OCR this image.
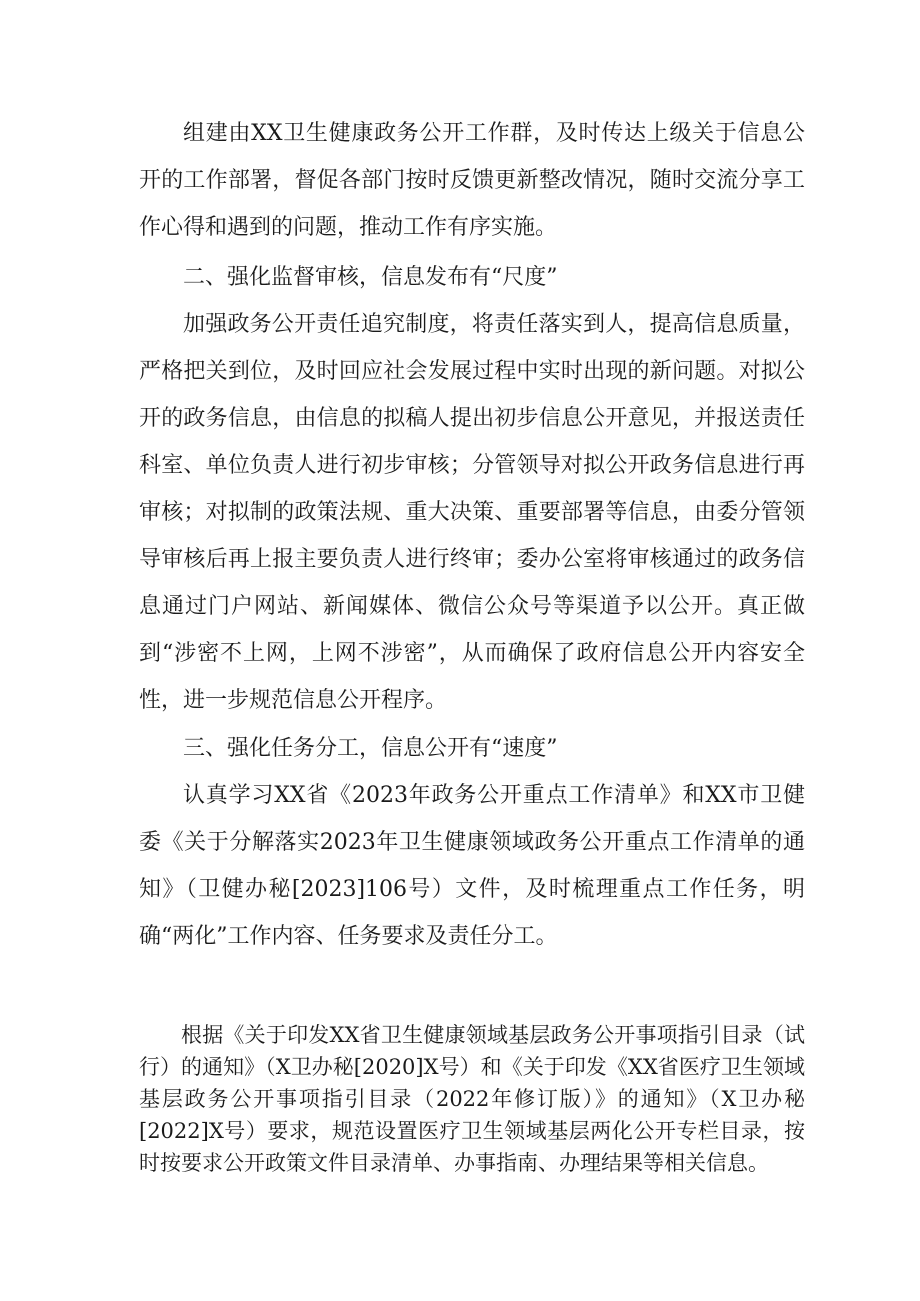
组建由XX卫生健康政务公开工作群，及时传达上级关于信息公开的工作部署，督促各部门按时反馈更新整改情况，随时交流分享工作心得和遇到的问题，推动工作有序实施。

二、强化监督审核，信息发布有“尺度”

加强政务公开责任追究制度，将责任落实到人，提高信息质量，严格把关到位，及时回应社会发展过程中实时出现的新问题。对拟公开的政务信息，由信息的拟稿人提出初步信息公开意见，并报送责任科室、单位负责人进行初步审核；分管领导对拟公开政务信息进行再审核；对拟制的政策法规、重大决策、重要部署等信息，由委分管领导审核后再上报主要负责人进行终审；委办公室将审核通过的政务信息通过门户网站、新闻媒体、微信公众号等渠道予以公开。真正做到“涉密不上网，上网不涉密”，从而确保了政府信息公开内容安全性，进一步规范信息公开程序。

三、强化任务分工，信息公开有“速度”

认真学习XX省《2023年政务公开重点工作清单》和XX市卫健委《关于分解落实2023年卫生健康领域政务公开重点工作清单的通知》（卫健办秘[2023]106号）文件，及时梳理重点工作任务，明确“两化”工作内容、任务要求及责任分工。

根据《关于印发XX省卫生健康领域基层政务公开事项指引目录（试行）的通知》（X卫办秘[2020]X号）和《关于印发《XX省医疗卫生领域基层政务公开事项指引目录（2022年修订版）》的通知》（X卫办秘[2022]X号）要求，规范设置医疗卫生领域基层两化公开专栏目录，按时按要求公开政策文件目录清单、办事指南、办理结果等相关信息。
